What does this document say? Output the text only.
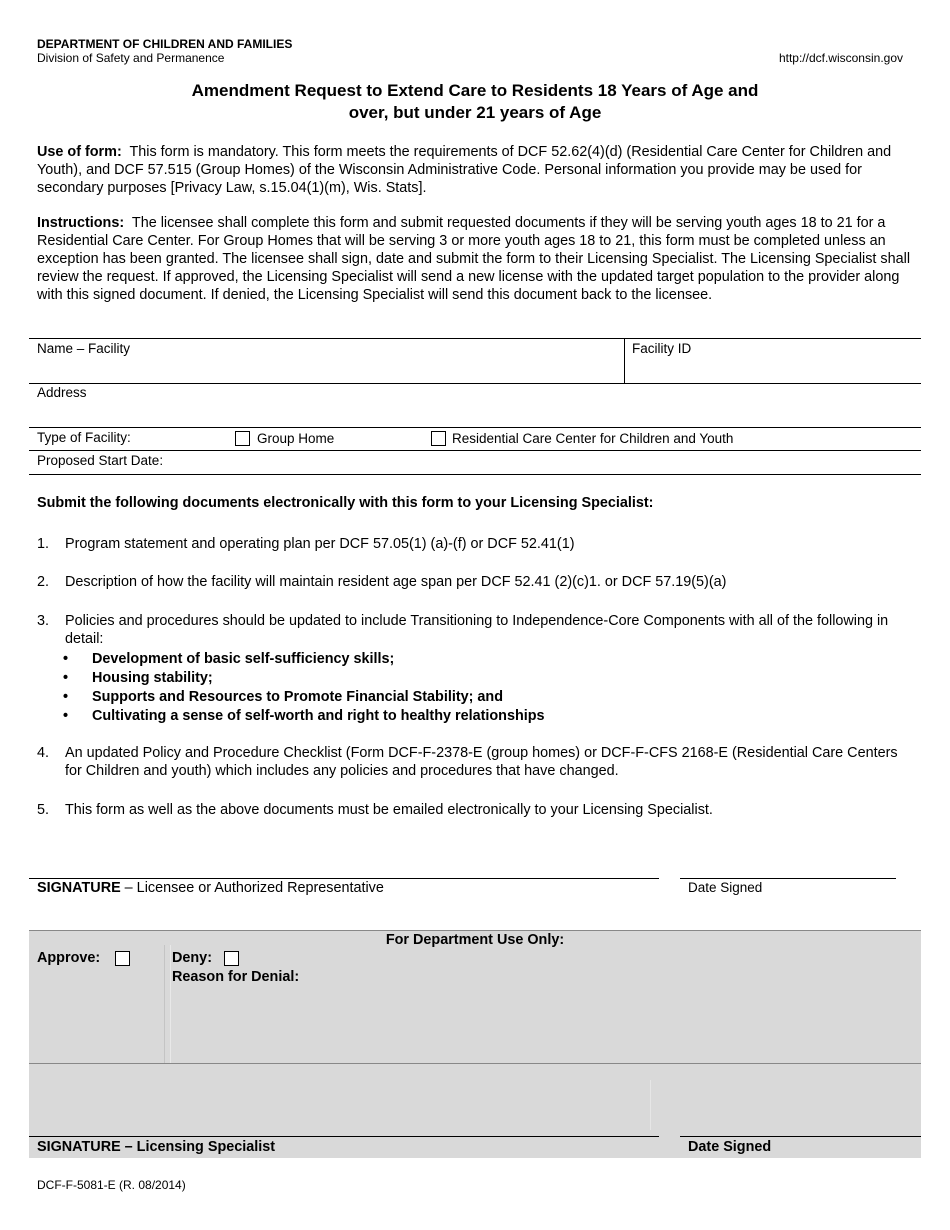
DEPARTMENT OF CHILDREN AND FAMILIES
Division of Safety and Permanence	http://dcf.wisconsin.gov
Amendment Request to Extend Care to Residents 18 Years of Age and
over, but under 21 years of Age
Use of form: This form is mandatory. This form meets the requirements of DCF 52.62(4)(d) (Residential Care Center for Children and Youth), and DCF 57.515 (Group Homes) of the Wisconsin Administrative Code. Personal information you provide may be used for secondary purposes [Privacy Law, s.15.04(1)(m), Wis. Stats].
Instructions: The licensee shall complete this form and submit requested documents if they will be serving youth ages 18 to 21 for a Residential Care Center. For Group Homes that will be serving 3 or more youth ages 18 to 21, this form must be completed unless an exception has been granted. The licensee shall sign, date and submit the form to their Licensing Specialist. The Licensing Specialist shall review the request. If approved, the Licensing Specialist will send a new license with the updated target population to the provider along with this signed document. If denied, the Licensing Specialist will send this document back to the licensee.
Name – Facility	Facility ID
Address
Type of Facility:	Group Home	Residential Care Center for Children and Youth
Proposed Start Date:
Submit the following documents electronically with this form to your Licensing Specialist:
1. Program statement and operating plan per DCF 57.05(1) (a)-(f) or DCF 52.41(1)
2. Description of how the facility will maintain resident age span per DCF 52.41 (2)(c)1. or DCF 57.19(5)(a)
3. Policies and procedures should be updated to include Transitioning to Independence-Core Components with all of the following in detail:
• Development of basic self-sufficiency skills;
• Housing stability;
• Supports and Resources to Promote Financial Stability; and
• Cultivating a sense of self-worth and right to healthy relationships
4. An updated Policy and Procedure Checklist (Form DCF-F-2378-E (group homes) or DCF-F-CFS 2168-E (Residential Care Centers for Children and youth) which includes any policies and procedures that have changed.
5. This form as well as the above documents must be emailed electronically to your Licensing Specialist.
SIGNATURE – Licensee or Authorized Representative	Date Signed
For Department Use Only:
Approve:	Deny:
Reason for Denial:
SIGNATURE – Licensing Specialist	Date Signed
DCF-F-5081-E (R. 08/2014)
